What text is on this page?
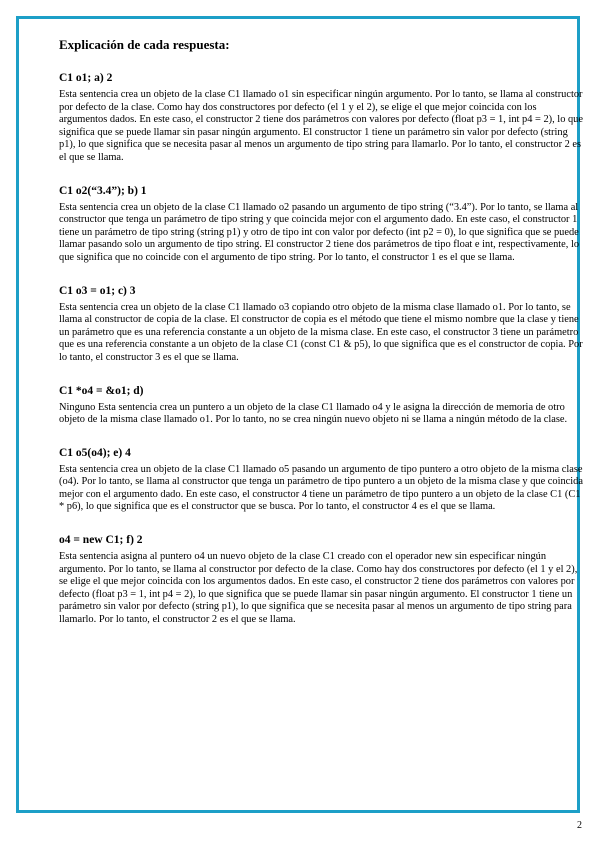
Explicación de cada respuesta:
C1 o1; a) 2

Esta sentencia crea un objeto de la clase C1 llamado o1 sin especificar ningún argumento. Por lo tanto, se llama al constructor por defecto de la clase. Como hay dos constructores por defecto (el 1 y el 2), se elige el que mejor coincida con los argumentos dados. En este caso, el constructor 2 tiene dos parámetros con valores por defecto (float p3 = 1, int p4 = 2), lo que significa que se puede llamar sin pasar ningún argumento. El constructor 1 tiene un parámetro sin valor por defecto (string p1), lo que significa que se necesita pasar al menos un argumento de tipo string para llamarlo. Por lo tanto, el constructor 2 es el que se llama.

C1 o2(“3.4”); b) 1

Esta sentencia crea un objeto de la clase C1 llamado o2 pasando un argumento de tipo string (“3.4”). Por lo tanto, se llama al constructor que tenga un parámetro de tipo string y que coincida mejor con el argumento dado. En este caso, el constructor 1 tiene un parámetro de tipo string (string p1) y otro de tipo int con valor por defecto (int p2 = 0), lo que significa que se puede llamar pasando solo un argumento de tipo string. El constructor 2 tiene dos parámetros de tipo float e int, respectivamente, lo que significa que no coincide con el argumento de tipo string. Por lo tanto, el constructor 1 es el que se llama.

C1 o3 = o1; c) 3

Esta sentencia crea un objeto de la clase C1 llamado o3 copiando otro objeto de la misma clase llamado o1. Por lo tanto, se llama al constructor de copia de la clase. El constructor de copia es el método que tiene el mismo nombre que la clase y tiene un parámetro que es una referencia constante a un objeto de la misma clase. En este caso, el constructor 3 tiene un parámetro que es una referencia constante a un objeto de la clase C1 (const C1 & p5), lo que significa que es el constructor de copia. Por lo tanto, el constructor 3 es el que se llama.

C1 *o4 = &o1; d)

Ninguno Esta sentencia crea un puntero a un objeto de la clase C1 llamado o4 y le asigna la dirección de memoria de otro objeto de la misma clase llamado o1. Por lo tanto, no se crea ningún nuevo objeto ni se llama a ningún método de la clase.

C1 o5(o4); e) 4

Esta sentencia crea un objeto de la clase C1 llamado o5 pasando un argumento de tipo puntero a otro objeto de la misma clase (o4). Por lo tanto, se llama al constructor que tenga un parámetro de tipo puntero a un objeto de la misma clase y que coincida mejor con el argumento dado. En este caso, el constructor 4 tiene un parámetro de tipo puntero a un objeto de la clase C1 (C1 * p6), lo que significa que es el constructor que se busca. Por lo tanto, el constructor 4 es el que se llama.

o4 = new C1; f) 2

Esta sentencia asigna al puntero o4 un nuevo objeto de la clase C1 creado con el operador new sin especificar ningún argumento. Por lo tanto, se llama al constructor por defecto de la clase. Como hay dos constructores por defecto (el 1 y el 2), se elige el que mejor coincida con los argumentos dados. En este caso, el constructor 2 tiene dos parámetros con valores por defecto (float p3 = 1, int p4 = 2), lo que significa que se puede llamar sin pasar ningún argumento. El constructor 1 tiene un parámetro sin valor por defecto (string p1), lo que significa que se necesita pasar al menos un argumento de tipo string para llamarlo. Por lo tanto, el constructor 2 es el que se llama.

2
